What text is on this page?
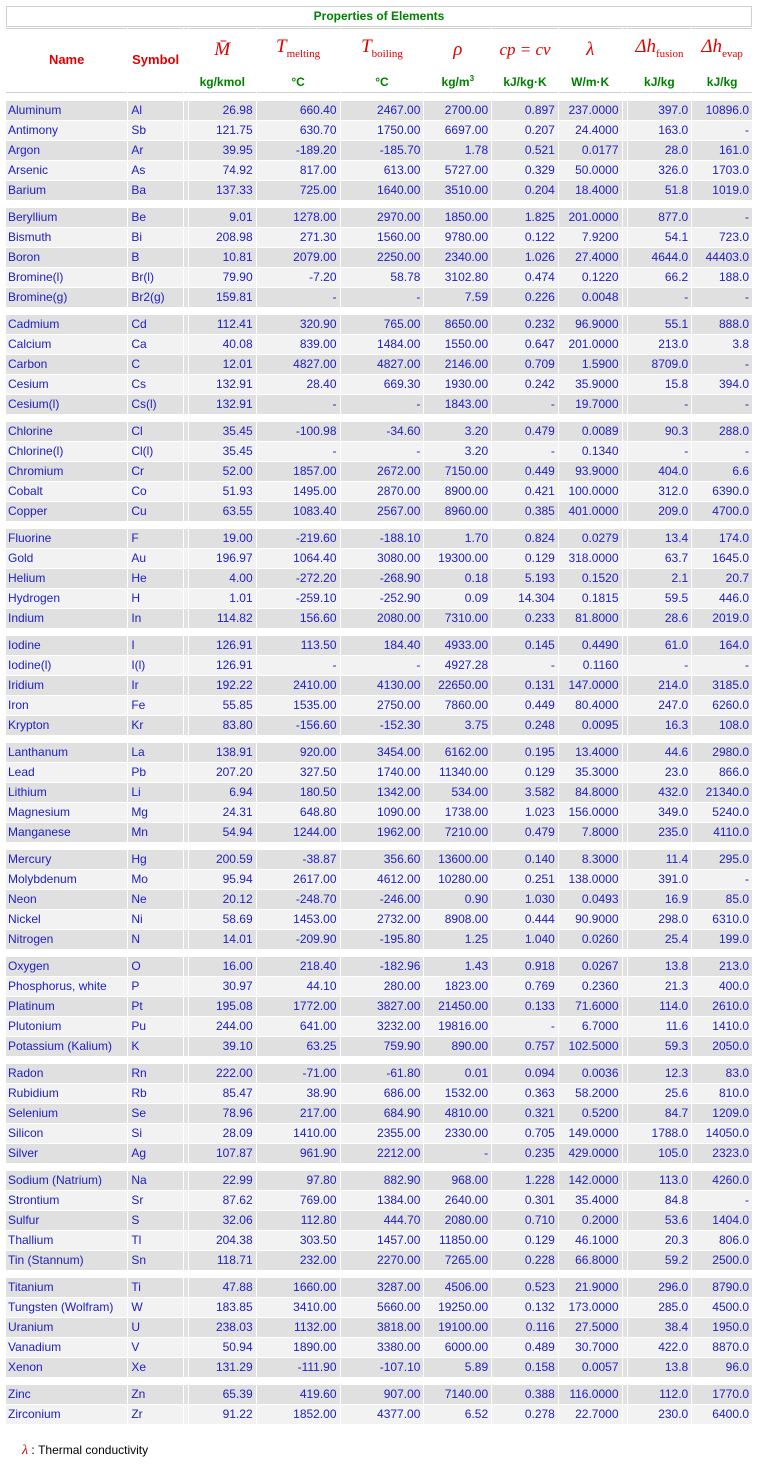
Properties of Elements											
Name	Symbol		M̄	$T_{melting}$	$T_{boiling}$	ρ	cp = cv	λ		$\Delta h_{fusion}$	$\Delta h_{evap}$
			kg/kmol	°C	°C	$kg/m^3$	kJ/kg·K	W/m·K		kJ/kg	kJ/kg

Aluminum	Al		26.98	660.40	2467.00	2700.00	0.897	237.0000		397.0	10896.0
Antimony	Sb		121.75	630.70	1750.00	6697.00	0.207	24.4000		163.0	-
Argon	Ar		39.95	-189.20	-185.70	1.78	0.521	0.0177		28.0	161.0
Arsenic	As		74.92	817.00	613.00	5727.00	0.329	50.0000		326.0	1703.0
Barium	Ba		137.33	725.00	1640.00	3510.00	0.204	18.4000		51.8	1019.0

Beryllium	Be		9.01	1278.00	2970.00	1850.00	1.825	201.0000		877.0	-
Bismuth	Bi		208.98	271.30	1560.00	9780.00	0.122	7.9200		54.1	723.0
Boron	B		10.81	2079.00	2250.00	2340.00	1.026	27.4000		4644.0	44403.0
Bromine(l)	Br(l)		79.90	-7.20	58.78	3102.80	0.474	0.1220		66.2	188.0
Bromine(g)	Br2(g)		159.81	-	-	7.59	0.226	0.0048		-	-

Cadmium	Cd		112.41	320.90	765.00	8650.00	0.232	96.9000		55.1	888.0
Calcium	Ca		40.08	839.00	1484.00	1550.00	0.647	201.0000		213.0	3.8
Carbon	C		12.01	4827.00	4827.00	2146.00	0.709	1.5900		8709.0	-
Cesium	Cs		132.91	28.40	669.30	1930.00	0.242	35.9000		15.8	394.0
Cesium(l)	Cs(l)		132.91	-	-	1843.00	-	19.7000		-	-

Chlorine	Cl		35.45	-100.98	-34.60	3.20	0.479	0.0089		90.3	288.0
Chlorine(l)	Cl(l)		35.45	-	-	3.20	-	0.1340		-	-
Chromium	Cr		52.00	1857.00	2672.00	7150.00	0.449	93.9000		404.0	6.6
Cobalt	Co		51.93	1495.00	2870.00	8900.00	0.421	100.0000		312.0	6390.0
Copper	Cu		63.55	1083.40	2567.00	8960.00	0.385	401.0000		209.0	4700.0

Fluorine	F		19.00	-219.60	-188.10	1.70	0.824	0.0279		13.4	174.0
Gold	Au		196.97	1064.40	3080.00	19300.00	0.129	318.0000		63.7	1645.0
Helium	He		4.00	-272.20	-268.90	0.18	5.193	0.1520		2.1	20.7
Hydrogen	H		1.01	-259.10	-252.90	0.09	14.304	0.1815		59.5	446.0
Indium	In		114.82	156.60	2080.00	7310.00	0.233	81.8000		28.6	2019.0

Iodine	I		126.91	113.50	184.40	4933.00	0.145	0.4490		61.0	164.0
Iodine(l)	I(l)		126.91	-	-	4927.28	-	0.1160		-	-
Iridium	Ir		192.22	2410.00	4130.00	22650.00	0.131	147.0000		214.0	3185.0
Iron	Fe		55.85	1535.00	2750.00	7860.00	0.449	80.4000		247.0	6260.0
Krypton	Kr		83.80	-156.60	-152.30	3.75	0.248	0.0095		16.3	108.0

Lanthanum	La		138.91	920.00	3454.00	6162.00	0.195	13.4000		44.6	2980.0
Lead	Pb		207.20	327.50	1740.00	11340.00	0.129	35.3000		23.0	866.0
Lithium	Li		6.94	180.50	1342.00	534.00	3.582	84.8000		432.0	21340.0
Magnesium	Mg		24.31	648.80	1090.00	1738.00	1.023	156.0000		349.0	5240.0
Manganese	Mn		54.94	1244.00	1962.00	7210.00	0.479	7.8000		235.0	4110.0

Mercury	Hg		200.59	-38.87	356.60	13600.00	0.140	8.3000		11.4	295.0
Molybdenum	Mo		95.94	2617.00	4612.00	10280.00	0.251	138.0000		391.0	-
Neon	Ne		20.12	-248.70	-246.00	0.90	1.030	0.0493		16.9	85.0
Nickel	Ni		58.69	1453.00	2732.00	8908.00	0.444	90.9000		298.0	6310.0
Nitrogen	N		14.01	-209.90	-195.80	1.25	1.040	0.0260		25.4	199.0

Oxygen	O		16.00	218.40	-182.96	1.43	0.918	0.0267		13.8	213.0
Phosphorus, white	P		30.97	44.10	280.00	1823.00	0.769	0.2360		21.3	400.0
Platinum	Pt		195.08	1772.00	3827.00	21450.00	0.133	71.6000		114.0	2610.0
Plutonium	Pu		244.00	641.00	3232.00	19816.00	-	6.7000		11.6	1410.0
Potassium (Kalium)	K		39.10	63.25	759.90	890.00	0.757	102.5000		59.3	2050.0

Radon	Rn		222.00	-71.00	-61.80	0.01	0.094	0.0036		12.3	83.0
Rubidium	Rb		85.47	38.90	686.00	1532.00	0.363	58.2000		25.6	810.0
Selenium	Se		78.96	217.00	684.90	4810.00	0.321	0.5200		84.7	1209.0
Silicon	Si		28.09	1410.00	2355.00	2330.00	0.705	149.0000		1788.0	14050.0
Silver	Ag		107.87	961.90	2212.00	-	0.235	429.0000		105.0	2323.0

Sodium (Natrium)	Na		22.99	97.80	882.90	968.00	1.228	142.0000		113.0	4260.0
Strontium	Sr		87.62	769.00	1384.00	2640.00	0.301	35.4000		84.8	-
Sulfur	S		32.06	112.80	444.70	2080.00	0.710	0.2000		53.6	1404.0
Thallium	Tl		204.38	303.50	1457.00	11850.00	0.129	46.1000		20.3	806.0
Tin (Stannum)	Sn		118.71	232.00	2270.00	7265.00	0.228	66.8000		59.2	2500.0

Titanium	Ti		47.88	1660.00	3287.00	4506.00	0.523	21.9000		296.0	8790.0
Tungsten (Wolfram)	W		183.85	3410.00	5660.00	19250.00	0.132	173.0000		285.0	4500.0
Uranium	U		238.03	1132.00	3818.00	19100.00	0.116	27.5000		38.4	1950.0
Vanadium	V		50.94	1890.00	3380.00	6000.00	0.489	30.7000		422.0	8870.0
Xenon	Xe		131.29	-111.90	-107.10	5.89	0.158	0.0057		13.8	96.0

Zinc	Zn		65.39	419.60	907.00	7140.00	0.388	116.0000		112.0	1770.0
Zirconium	Zr		91.22	1852.00	4377.00	6.52	0.278	22.7000		230.0	6400.0
λ : Thermal conductivity
